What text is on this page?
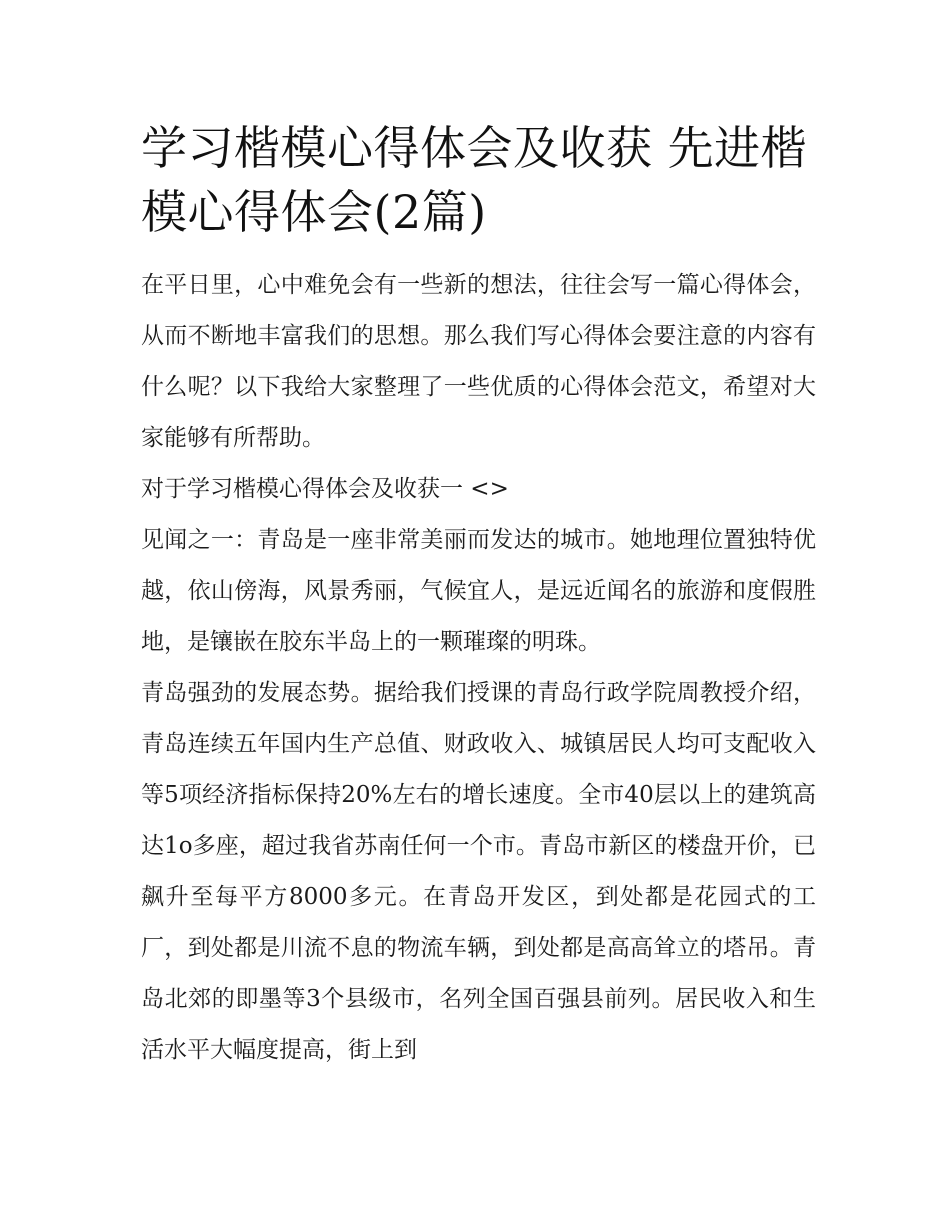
学习楷模心得体会及收获 先进楷模心得体会(2篇)

在平日里，心中难免会有一些新的想法，往往会写一篇心得体会，从而不断地丰富我们的思想。那么我们写心得体会要注意的内容有什么呢？以下我给大家整理了一些优质的心得体会范文，希望对大家能够有所帮助。

对于学习楷模心得体会及收获一 <>

见闻之一：青岛是一座非常美丽而发达的城市。她地理位置独特优越，依山傍海，风景秀丽，气候宜人，是远近闻名的旅游和度假胜地，是镶嵌在胶东半岛上的一颗璀璨的明珠。

青岛强劲的发展态势。据给我们授课的青岛行政学院周教授介绍，青岛连续五年国内生产总值、财政收入、城镇居民人均可支配收入等5项经济指标保持20%左右的增长速度。全市40层以上的建筑高达1o多座，超过我省苏南任何一个市。青岛市新区的楼盘开价，已飙升至每平方8000多元。在青岛开发区，到处都是花园式的工厂，到处都是川流不息的物流车辆，到处都是高高耸立的塔吊。青岛北郊的即墨等3个县级市，名列全国百强县前列。居民收入和生活水平大幅度提高，街上到
